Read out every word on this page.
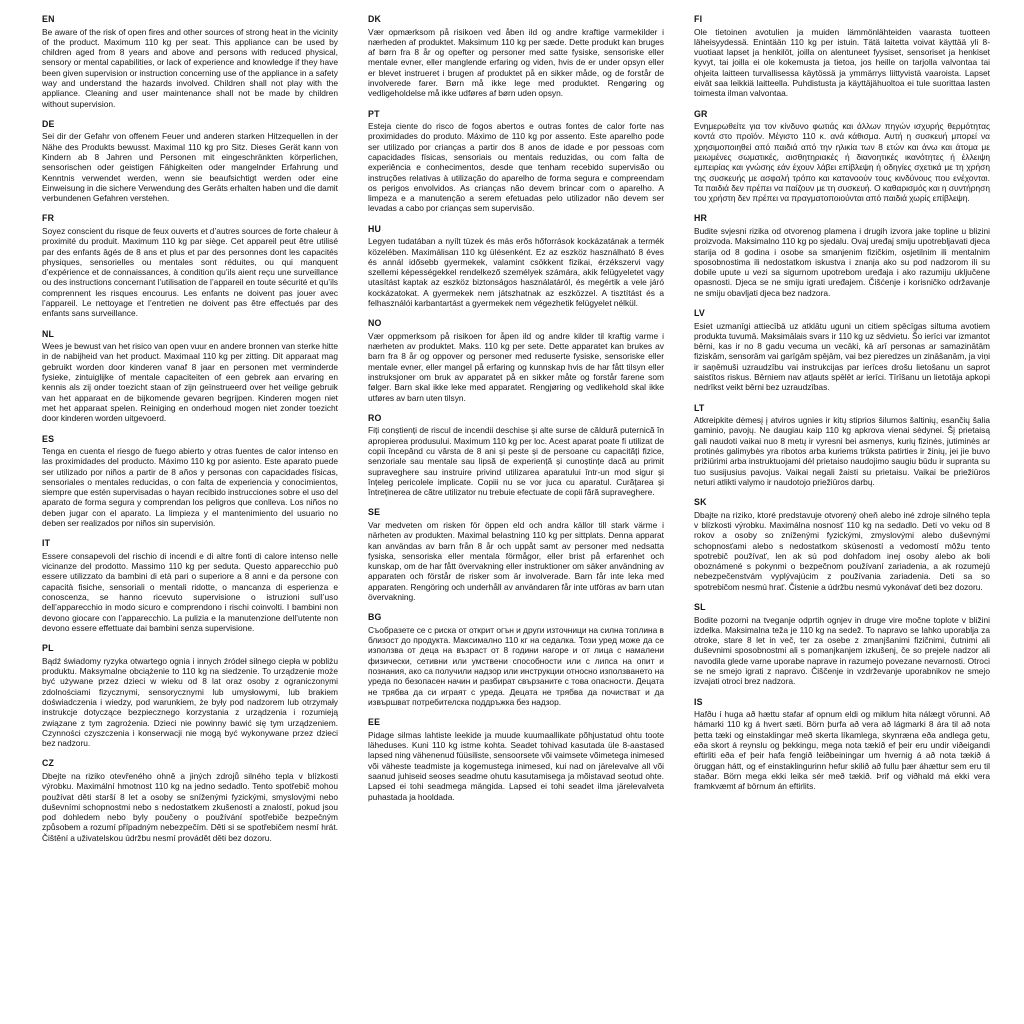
EN

Be aware of the risk of open fires and other sources of strong heat in the vicinity of the product. Maximum 110 kg per seat. This appliance can be used by children aged from 8 years and above and persons with reduced physical, sensory or mental capabilities, or lack of experience and knowledge if they have been given supervision or instruction concerning use of the appliance in a safety way and understand the hazards involved. Children shall not play with the appliance. Cleaning and user maintenance shall not be made by children without supervision.

DE

Sei dir der Gefahr von offenem Feuer und anderen starken Hitzequellen in der Nähe des Produkts bewusst. Maximal 110 kg pro Sitz. Dieses Gerät kann von Kindern ab 8 Jahren und Personen mit eingeschränkten körperlichen, sensorischen oder geistigen Fähigkeiten oder mangelnder Erfahrung und Kenntnis verwendet werden, wenn sie beaufsichtigt werden oder eine Einweisung in die sichere Verwendung des Geräts erhalten haben und die damit verbundenen Gefahren verstehen.

FR

Soyez conscient du risque de feux ouverts et d’autres sources de forte chaleur à proximité du produit. Maximum 110 kg par siège. Cet appareil peut être utilisé par des enfants âgés de 8 ans et plus et par des personnes dont les capacités physiques, sensorielles ou mentales sont réduites, ou qui manquent d’expérience et de connaissances, à condition qu’ils aient reçu une surveillance ou des instructions concernant l’utilisation de l’appareil en toute sécurité et qu’ils comprennent les risques encourus. Les enfants ne doivent pas jouer avec l’appareil. Le nettoyage et l’entretien ne doivent pas être effectués par des enfants sans surveillance.

NL

Wees je bewust van het risico van open vuur en andere bronnen van sterke hitte in de nabijheid van het product. Maximaal 110 kg per zitting. Dit apparaat mag gebruikt worden door kinderen vanaf 8 jaar en personen met verminderde fysieke, zintuiglijke of mentale capaciteiten of een gebrek aan ervaring en kennis als zij onder toezicht staan of zijn geïnstrueerd over het veilige gebruik van het apparaat en de bijkomende gevaren begrijpen. Kinderen mogen niet met het apparaat spelen. Reiniging en onderhoud mogen niet zonder toezicht door kinderen worden uitgevoerd.

ES

Tenga en cuenta el riesgo de fuego abierto y otras fuentes de calor intenso en las proximidades del producto. Máximo 110 kg por asiento. Este aparato puede ser utilizado por niños a partir de 8 años y personas con capacidades físicas, sensoriales o mentales reducidas, o con falta de experiencia y conocimientos, siempre que estén supervisadas o hayan recibido instrucciones sobre el uso del aparato de forma segura y comprendan los peligros que conlleva. Los niños no deben jugar con el aparato. La limpieza y el mantenimiento del usuario no deben ser realizados por niños sin supervisión.

IT

Essere consapevoli del rischio di incendi e di altre fonti di calore intenso nelle vicinanze del prodotto. Massimo 110 kg per seduta. Questo apparecchio può essere utilizzato da bambini di età pari o superiore a 8 anni e da persone con capacità fisiche, sensoriali o mentali ridotte, o mancanza di esperienza e conoscenza, se hanno ricevuto supervisione o istruzioni sull’uso dell’apparecchio in modo sicuro e comprendono i rischi coinvolti. I bambini non devono giocare con l’apparecchio. La pulizia e la manutenzione dell’utente non devono essere effettuate dai bambini senza supervisione.

PL

Bądź świadomy ryzyka otwartego ognia i innych źródeł silnego ciepła w pobliżu produktu. Maksymalne obciążenie to 110 kg na siedzenie. To urządzenie może być używane przez dzieci w wieku od 8 lat oraz osoby z ograniczonymi zdolnościami fizycznymi, sensorycznymi lub umysłowymi, lub brakiem doświadczenia i wiedzy, pod warunkiem, że były pod nadzorem lub otrzymały instrukcje dotyczące bezpiecznego korzystania z urządzenia i rozumieją związane z tym zagrożenia. Dzieci nie powinny bawić się tym urządzeniem. Czynności czyszczenia i konserwacji nie mogą być wykonywane przez dzieci bez nadzoru.

CZ

Dbejte na riziko otevřeného ohně a jiných zdrojů silného tepla v blízkosti výrobku. Maximální hmotnost 110 kg na jedno sedadlo. Tento spotřebič mohou používat děti starší 8 let a osoby se sníženými fyzickými, smyslovými nebo duševními schopnostmi nebo s nedostatkem zkušeností a znalostí, pokud jsou pod dohledem nebo byly poučeny o používání spotřebiče bezpečným způsobem a rozumí případným nebezpečím. Děti si se spotřebičem nesmí hrát. Čištění a uživatelskou údržbu nesmí provádět děti bez dozoru.

DK

Vær opmærksom på risikoen ved åben ild og andre kraftige varmekilder i nærheden af produktet. Maksimum 110 kg per sæde. Dette produkt kan bruges af børn fra 8 år og opefter og personer med satte fysiske, sensoriske eller mentale evner, eller manglende erfaring og viden, hvis de er under opsyn eller er blevet instrueret i brugen af produktet på en sikker måde, og de forstår de involverede farer. Børn må ikke lege med produktet. Rengøring og vedligeholdelse må ikke udføres af børn uden opsyn.

PT

Esteja ciente do risco de fogos abertos e outras fontes de calor forte nas proximidades do produto. Máximo de 110 kg por assento. Este aparelho pode ser utilizado por crianças a partir dos 8 anos de idade e por pessoas com capacidades físicas, sensoriais ou mentais reduzidas, ou com falta de experiência e conhecimentos, desde que tenham recebido supervisão ou instruções relativas à utilização do aparelho de forma segura e compreendam os perigos envolvidos. As crianças não devem brincar com o aparelho. A limpeza e a manutenção a serem efetuadas pelo utilizador não devem ser levadas a cabo por crianças sem supervisão.

HU

Legyen tudatában a nyílt tüzek és más erős hőforrások kockázatának a termék közelében. Maximálisan 110 kg ülésenként. Ez az eszköz használható 8 éves és annál idősebb gyermekek, valamint csökkent fizikai, érzékszervi vagy szellemi képességekkel rendelkező személyek számára, akik felügyeletet vagy utasítást kaptak az eszköz biztonságos használatáról, és megértik a vele járó kockázatokat. A gyermekek nem játszhatnak az eszközzel. A tisztítást és a felhasználói karbantartást a gyermekek nem végezhetik felügyelet nélkül.

NO

Vær oppmerksom på risikoen for åpen ild og andre kilder til kraftig varme i nærheten av produktet. Maks. 110 kg per sete. Dette apparatet kan brukes av barn fra 8 år og oppover og personer med reduserte fysiske, sensoriske eller mentale evner, eller mangel på erfaring og kunnskap hvis de har fått tilsyn eller instruksjoner om bruk av apparatet på en sikker måte og forstår farene som følger. Barn skal ikke leke med apparatet. Rengjøring og vedlikehold skal ikke utføres av barn uten tilsyn.

RO

Fiți conștienți de riscul de incendii deschise și alte surse de căldură puternică în apropierea produsului. Maximum 110 kg per loc. Acest aparat poate fi utilizat de copii începând cu vârsta de 8 ani și peste și de persoane cu capacități fizice, senzoriale sau mentale sau lipsă de experiență și cunoștințe dacă au primit supraveghere sau instruire privind utilizarea aparatului într-un mod sigur și înțeleg pericolele implicate. Copiii nu se vor juca cu aparatul. Curățarea și întreținerea de către utilizator nu trebuie efectuate de copii fără supraveghere.

SE

Var medveten om risken för öppen eld och andra källor till stark värme i närheten av produkten. Maximal belastning 110 kg per sittplats. Denna apparat kan användas av barn från 8 år och uppåt samt av personer med nedsatta fysiska, sensoriska eller mentala förmågor, eller brist på erfarenhet och kunskap, om de har fått övervakning eller instruktioner om säker användning av apparaten och förstår de risker som är involverade. Barn får inte leka med apparaten. Rengöring och underhåll av användaren får inte utföras av barn utan övervakning.

BG

Съобразете се с риска от открит огън и други източници на силна топлина в близост до продукта. Максимално 110 кг на седалка. Този уред може да се използва от деца на възраст от 8 години нагоре и от лица с намалени физически, сетивни или умствени способности или с липса на опит и познания, ако са получили надзор или инструкции относно използването на уреда по безопасен начин и разбират свързаните с това опасности. Децата не трябва да си играят с уреда. Децата не трябва да почистват и да извършват потребителска поддръжка без надзор.

EE

Pidage silmas lahtiste leekide ja muude kuumaallikate põhjustatud ohtu toote läheduses. Kuni 110 kg istme kohta. Seadet tohivad kasutada üle 8-aastased lapsed ning vähenenud füüsiliste, sensoorsete või vaimsete võimetega inimesed või väheste teadmiste ja kogemustega inimesed, kui nad on järelevalve all või saanud juhiseid seoses seadme ohutu kasutamisega ja mõistavad seotud ohte. Lapsed ei tohi seadmega mängida. Lapsed ei tohi seadet ilma järelevalveta puhastada ja hooldada.

FI

Ole tietoinen avotulien ja muiden lämmönlähteiden vaarasta tuotteen läheisyydessä. Enintään 110 kg per istuin. Tätä laitetta voivat käyttää yli 8-vuotiaat lapset ja henkilöt, joilla on alentuneet fyysiset, sensoriset ja henkiset kyvyt, tai joilla ei ole kokemusta ja tietoa, jos heille on tarjolla valvontaa tai ohjeita laitteen turvallisessa käytössä ja ymmärrys liittyvistä vaaroista. Lapset eivät saa leikkiä laitteella. Puhdistusta ja käyttäjähuoltoa ei tule suorittaa lasten toimesta ilman valvontaa.

GR

Ενημερωθείτε για τον κίνδυνο φωτιάς και άλλων πηγών ισχυρής θερμότητας κοντά στο προϊόν. Μέγιστο 110 κ. ανά κάθισμα. Αυτή η συσκευή μπορεί να χρησιμοποιηθεί από παιδιά από την ηλικία των 8 ετών και άνω και άτομα με μειωμένες σωματικές, αισθητηριακές ή διανοητικές ικανότητες ή έλλειψη εμπειρίας και γνώσης εάν έχουν λάβει επίβλεψη ή οδηγίες σχετικά με τη χρήση της συσκευής με ασφαλή τρόπο και κατανοούν τους κινδύνους που ενέχονται. Τα παιδιά δεν πρέπει να παίζουν με τη συσκευή. Ο καθαρισμός και η συντήρηση του χρήστη δεν πρέπει να πραγματοποιούνται από παιδιά χωρίς επίβλεψη.

HR

Budite svjesni rizika od otvorenog plamena i drugih izvora jake topline u blizini proizvoda. Maksimalno 110 kg po sjedalu. Ovaj uređaj smiju upotrebljavati djeca starija od 8 godina i osobe sa smanjenim fizičkim, osjetilnim ili mentalnim sposobnostima ili nedostatkom iskustva i znanja ako su pod nadzorom ili su dobile upute u vezi sa sigurnom upotrebom uređaja i ako razumiju uključene opasnosti. Djeca se ne smiju igrati uređajem. Čišćenje i korisničko održavanje ne smiju obavljati djeca bez nadzora.

LV

Esiet uzmanīgi attiecībā uz atklātu uguni un citiem spēcīgas siltuma avotiem produkta tuvumā. Maksimālais svars ir 110 kg uz sēdvietu. Šo ierīci var izmantot bērni, kas ir no 8 gadu vecuma un vecāki, kā arī personas ar samazinātām fiziskām, sensorām vai garīgām spējām, vai bez pieredzes un zināšanām, ja viņi ir saņēmuši uzraudzību vai instrukcijas par ierīces drošu lietošanu un saprot saistītos riskus. Bērniem nav atļauts spēlēt ar ierīci. Tīrīšanu un lietotāja apkopi nedrīkst veikt bērni bez uzraudzības.

LT

Atkreipkite dėmesį į atviros ugnies ir kitų stiprios šilumos šaltinių, esančių šalia gaminio, pavojų. Ne daugiau kaip 110 kg apkrova vienai sėdynei. Šį prietaisą gali naudoti vaikai nuo 8 metų ir vyresni bei asmenys, kurių fizinės, jutiminės ar protinės galimybės yra ribotos arba kuriems trūksta patirties ir žinių, jei jie buvo prižiūrimi arba instruktuojami dėl prietaiso naudojimo saugiu būdu ir supranta su tuo susijusius pavojus. Vaikai negali žaisti su prietaisu. Vaikai be priežiūros neturi atlikti valymo ir naudotojo priežiūros darbų.

SK

Dbajte na riziko, ktoré predstavuje otvorený oheň alebo iné zdroje silného tepla v blízkosti výrobku. Maximálna nosnosť 110 kg na sedadlo. Deti vo veku od 8 rokov a osoby so zníženými fyzickými, zmyslovými alebo duševnými schopnosťami alebo s nedostatkom skúseností a vedomostí môžu tento spotrebič používať, len ak sú pod dohľadom inej osoby alebo ak boli oboznámené s pokynmi o bezpečnom používaní zariadenia, a ak rozumejú nebezpečenstvám vyplývajúcim z používania zariadenia. Deti sa so spotrebičom nesmú hrať. Čistenie a údržbu nesmú vykonávať deti bez dozoru.

SL

Bodite pozorni na tveganje odprtih ognjev in druge vire močne toplote v bližini izdelka. Maksimalna teža je 110 kg na sedež. To napravo se lahko uporablja za otroke, stare 8 let in več, ter za osebe z zmanjšanimi fizičnimi, čutnimi ali duševnimi sposobnostmi ali s pomanjkanjem izkušenj, če so prejele nadzor ali navodila glede varne uporabe naprave in razumejo povezane nevarnosti. Otroci se ne smejo igrati z napravo. Čiščenje in vzdrževanje uporabnikov ne smejo izvajati otroci brez nadzora.

IS

Hafðu í huga að hættu stafar af opnum eldi og miklum hita nálægt vörunni. Að hámarki 110 kg á hvert sæti. Börn þurfa að vera að lágmarki 8 ára til að nota þetta tæki og einstaklingar með skerta líkamlega, skynræna eða andlega getu, eða skort á reynslu og þekkingu, mega nota tækið ef þeir eru undir viðeigandi eftirliti eða ef þeir hafa fengið leiðbeiningar um hvernig á að nota tækið á öruggan hátt, og ef einstaklingurinn hefur skilið að fullu þær áhættur sem eru til staðar. Börn mega ekki leika sér með tækið. Þrif og viðhald má ekki vera framkvæmt af börnum án eftirlits.
